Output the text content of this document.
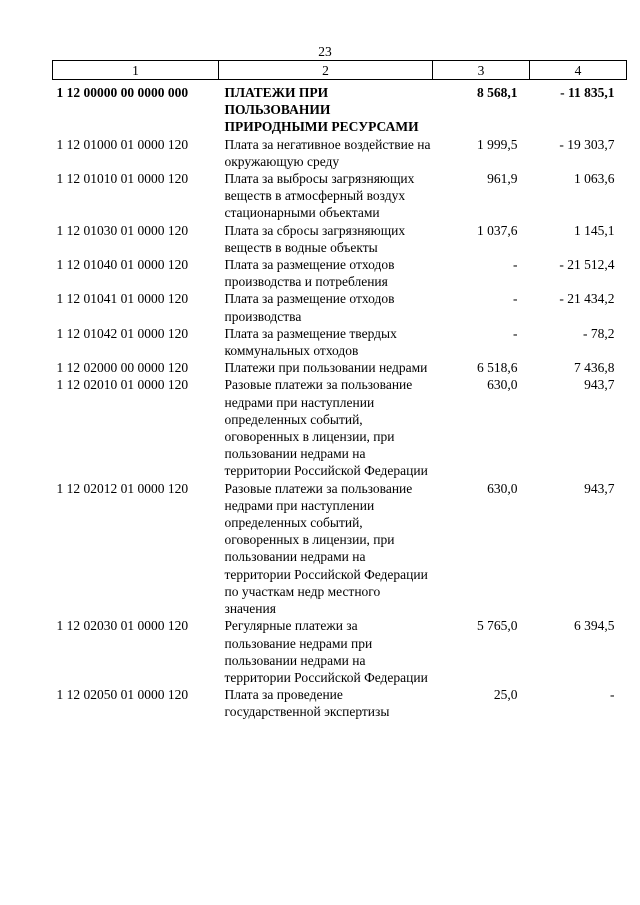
23
1	2	3	4
1 12 00000 00 0000 000	ПЛАТЕЖИ ПРИ ПОЛЬЗОВАНИИ ПРИРОДНЫМИ РЕСУРСАМИ	8 568,1	- 11 835,1
1 12 01000 01 0000 120	Плата за негативное воздействие на окружающую среду	1 999,5	- 19 303,7
1 12 01010 01 0000 120	Плата за выбросы загрязняющих веществ в атмосферный воздух стационарными объектами	961,9	1 063,6
1 12 01030 01 0000 120	Плата за сбросы загрязняющих веществ в водные объекты	1 037,6	1 145,1
1 12 01040 01 0000 120	Плата за размещение отходов производства и потребления	-	- 21 512,4
1 12 01041 01 0000 120	Плата за размещение отходов производства	-	- 21 434,2
1 12 01042 01 0000 120	Плата за размещение твердых коммунальных отходов	-	- 78,2
1 12 02000 00 0000 120	Платежи при пользовании недрами	6 518,6	7 436,8
1 12 02010 01 0000 120	Разовые платежи за пользование недрами при наступлении определенных событий, оговоренных в лицензии, при пользовании недрами на территории Российской Федерации	630,0	943,7
1 12 02012 01 0000 120	Разовые платежи за пользование недрами при наступлении определенных событий, оговоренных в лицензии, при пользовании недрами на территории Российской Федерации по участкам недр местного значения	630,0	943,7
1 12 02030 01 0000 120	Регулярные платежи за пользование недрами при пользовании недрами на территории Российской Федерации	5 765,0	6 394,5
1 12 02050 01 0000 120	Плата за проведение государственной экспертизы	25,0	-
